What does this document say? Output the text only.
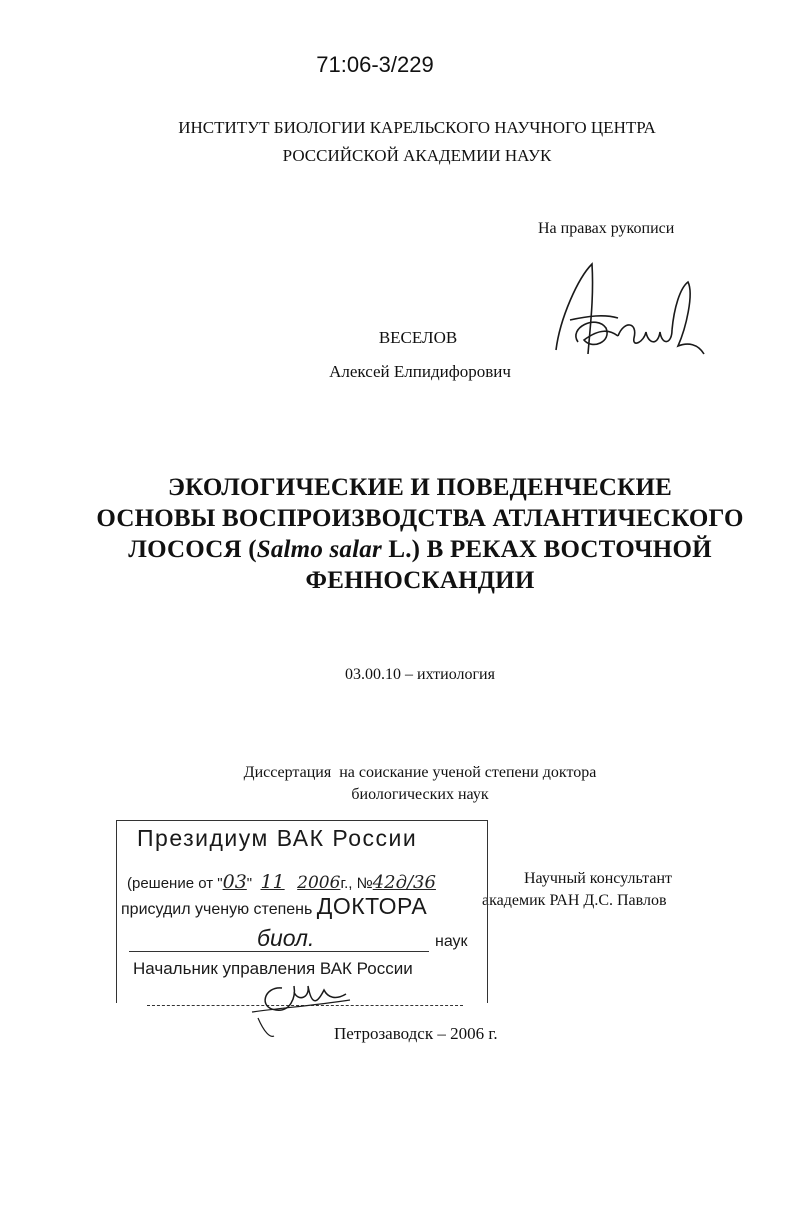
71:06-3/229
ИНСТИТУТ БИОЛОГИИ КАРЕЛЬСКОГО НАУЧНОГО ЦЕНТРА
РОССИЙСКОЙ АКАДЕМИИ НАУК
На правах рукописи
ВЕСЕЛОВ
Алексей Елпидифорович
ЭКОЛОГИЧЕСКИЕ И ПОВЕДЕНЧЕСКИЕ
ОСНОВЫ ВОСПРОИЗВОДСТВА АТЛАНТИЧЕСКОГО
ЛОСОСЯ (Salmo salar L.) В РЕКАХ ВОСТОЧНОЙ
ФЕННОСКАНДИИ
03.00.10 – ихтиология
Диссертация  на соискание ученой степени доктора
биологических наук
Научный консультант
академик РАН Д.С. Павлов
Президиум ВАК России
(решение от "03" 11 2006г., №42д/36
присудил ученую степень ДОКТОРА
биол.	наук
Начальник управления ВАК России
Петрозаводск – 2006 г.
